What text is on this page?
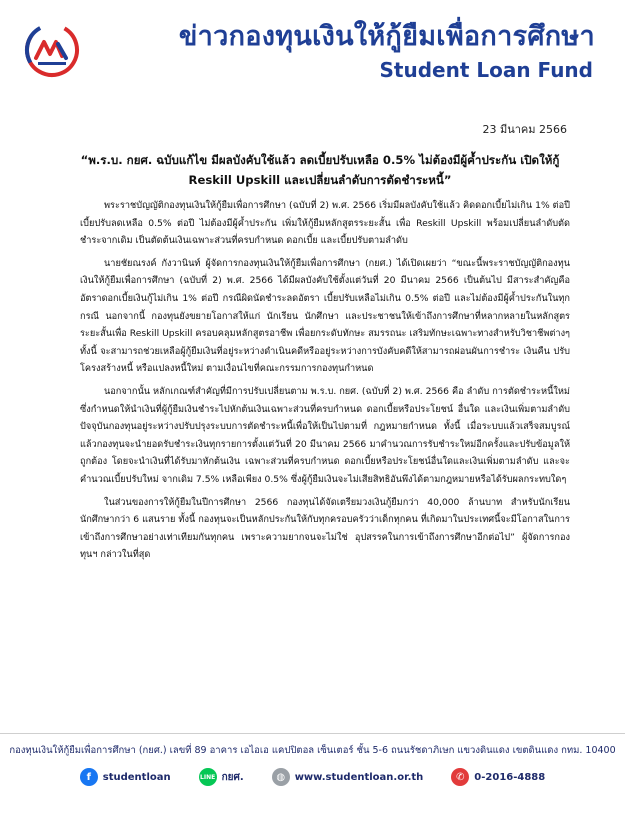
ข่าวกองทุนเงินให้กู้ยืมเพื่อการศึกษา
Student Loan Fund
23 มีนาคม 2566
“พ.ร.บ. กยศ. ฉบับแก้ไข มีผลบังคับใช้แล้ว ลดเบี้ยปรับเหลือ 0.5% ไม่ต้องมีผู้ค้ำประกัน เปิดให้กู้ Reskill Upskill และเปลี่ยนลำดับการตัดชำระหนี้”

พระราชบัญญัติกองทุนเงินให้กู้ยืมเพื่อการศึกษา (ฉบับที่ 2) พ.ศ. 2566 เริ่มมีผลบังคับใช้แล้ว คิดดอกเบี้ยไม่เกิน 1% ต่อปี เบี้ยปรับลดเหลือ 0.5% ต่อปี ไม่ต้องมีผู้ค้ำประกัน เพิ่มให้กู้ยืมหลักสูตรระยะสั้น เพื่อ Reskill Upskill พร้อมเปลี่ยนลำดับตัดชำระจากเดิม เป็นตัดต้นเงินเฉพาะส่วนที่ครบกำหนด ดอกเบี้ย และเบี้ยปรับตามลำดับ

นายชัยณรงค์ กังวานินท์ ผู้จัดการกองทุนเงินให้กู้ยืมเพื่อการศึกษา (กยศ.) ได้เปิดเผยว่า “ขณะนี้พระราชบัญญัติกองทุนเงินให้กู้ยืมเพื่อการศึกษา (ฉบับที่ 2) พ.ศ. 2566 ได้มีผลบังคับใช้ตั้งแต่วันที่ 20 มีนาคม 2566 เป็นต้นไป มีสาระสำคัญคือ อัตราดอกเบี้ยเงินกู้ไม่เกิน 1% ต่อปี กรณีผิดนัดชำระลดอัตรา เบี้ยปรับเหลือไม่เกิน 0.5% ต่อปี และไม่ต้องมีผู้ค้ำประกันในทุกกรณี นอกจากนี้ กองทุนยังขยายโอกาสให้แก่ นักเรียน นักศึกษา และประชาชนให้เข้าถึงการศึกษาที่หลากหลายในหลักสูตรระยะสั้นเพื่อ Reskill Upskill ครอบคลุมหลักสูตรอาชีพ เพื่อยกระดับทักษะ สมรรถนะ เสริมทักษะเฉพาะทางสำหรับวิชาชีพต่างๆ ทั้งนี้ จะสามารถช่วยเหลือผู้กู้ยืมเงินที่อยู่ระหว่างดำเนินคดีหรืออยู่ระหว่างการบังคับคดีให้สามารถผ่อนผันการชำระ เงินคืน ปรับโครงสร้างหนี้ หรือแปลงหนี้ใหม่ ตามเงื่อนไขที่คณะกรรมการกองทุนกำหนด

นอกจากนั้น หลักเกณฑ์สำคัญที่มีการปรับเปลี่ยนตาม พ.ร.บ. กยศ. (ฉบับที่ 2) พ.ศ. 2566 คือ ลำดับ การตัดชำระหนี้ใหม่ ซึ่งกำหนดให้นำเงินที่ผู้กู้ยืมเงินชำระไปหักต้นเงินเฉพาะส่วนที่ครบกำหนด ดอกเบี้ยหรือประโยชน์ อื่นใด และเงินเพิ่มตามลำดับ ปัจจุบันกองทุนอยู่ระหว่างปรับปรุงระบบการตัดชำระหนี้เพื่อให้เป็นไปตามที่ กฎหมายกำหนด ทั้งนี้ เมื่อระบบแล้วเสร็จสมบูรณ์แล้วกองทุนจะนำยอดรับชำระเงินทุกรายการตั้งแต่วันที่ 20 มีนาคม 2566 มาคำนวณการรับชำระใหม่อีกครั้งและปรับข้อมูลให้ถูกต้อง โดยจะนำเงินที่ได้รับมาหักต้นเงิน เฉพาะส่วนที่ครบกำหนด ดอกเบี้ยหรือประโยชน์อื่นใดและเงินเพิ่มตามลำดับ และจะคำนวณเบี้ยปรับใหม่ จากเดิม 7.5% เหลือเพียง 0.5% ซึ่งผู้กู้ยืมเงินจะไม่เสียสิทธิอันพึงได้ตามกฎหมายหรือได้รับผลกระทบใดๆ

ในส่วนของการให้กู้ยืมในปีการศึกษา 2566 กองทุนได้จัดเตรียมวงเงินกู้ยืมกว่า 40,000 ล้านบาท สำหรับนักเรียน นักศึกษากว่า 6 แสนราย ทั้งนี้ กองทุนจะเป็นหลักประกันให้กับทุกครอบครัวว่าเด็กทุกคน ที่เกิดมาในประเทศนี้จะมีโอกาสในการเข้าถึงการศึกษาอย่างเท่าเทียมกันทุกคน เพราะความยากจนจะไม่ใช่ อุปสรรคในการเข้าถึงการศึกษาอีกต่อไป” ผู้จัดการกองทุนฯ กล่าวในที่สุด

กองทุนเงินให้กู้ยืมเพื่อการศึกษา (กยศ.) เลขที่ 89 อาคาร เอไอเอ แคปปิตอล เซ็นเตอร์ ชั้น 5-6 ถนนรัชดาภิเษก แขวงดินแดง เขตดินแดง กทม. 10400
f	studentloan	LINE กยศ.	◍ www.studentloan.or.th	✆ 0-2016-4888
